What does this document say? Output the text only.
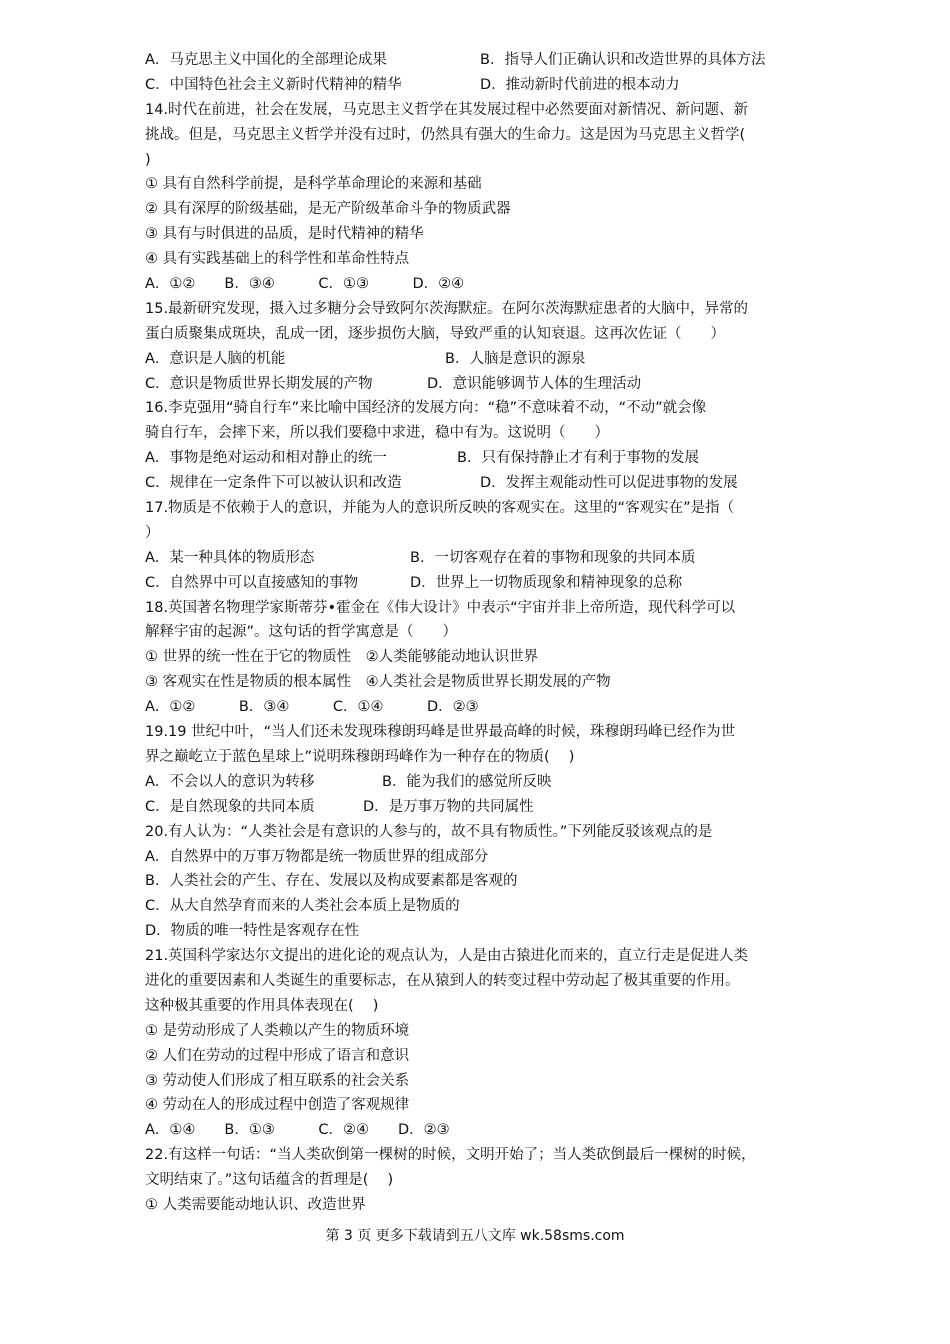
A．马克思主义中国化的全部理论成果	B．指导人们正确认识和改造世界的具体方法
C．中国特色社会主义新时代精神的精华	D．推动新时代前进的根本动力
14.时代在前进，社会在发展，马克思主义哲学在其发展过程中必然要面对新情况、新问题、新
挑战。但是，马克思主义哲学并没有过时，仍然具有强大的生命力。这是因为马克思主义哲学(
)
① 具有自然科学前提，是科学革命理论的来源和基础
② 具有深厚的阶级基础，是无产阶级革命斗争的物质武器
③ 具有与时俱进的品质，是时代精神的精华
④ 具有实践基础上的科学性和革命性特点
A．①②　　B．③④　　　C．①③　　　D．②④
15.最新研究发现，摄入过多糖分会导致阿尔茨海默症。在阿尔茨海默症患者的大脑中，异常的
蛋白质聚集成斑块，乱成一团，逐步损伤大脑，导致严重的认知衰退。这再次佐证（　　）
A．意识是人脑的机能	B．人脑是意识的源泉
C．意识是物质世界长期发展的产物	D．意识能够调节人体的生理活动
16.李克强用“骑自行车”来比喻中国经济的发展方向：“稳”不意味着不动，“不动”就会像
骑自行车，会摔下来，所以我们要稳中求进，稳中有为。这说明（　　）
A．事物是绝对运动和相对静止的统一	B．只有保持静止才有利于事物的发展
C．规律在一定条件下可以被认识和改造	D．发挥主观能动性可以促进事物的发展
17.物质是不依赖于人的意识，并能为人的意识所反映的客观实在。这里的“客观实在”是指（
）
A．某一种具体的物质形态	B．一切客观存在着的事物和现象的共同本质
C．自然界中可以直接感知的事物	D．世界上一切物质现象和精神现象的总称
18.英国著名物理学家斯蒂芬•霍金在《伟大设计》中表示“宇宙并非上帝所造，现代科学可以
解释宇宙的起源”。这句话的哲学寓意是（　　）
① 世界的统一性在于它的物质性　②人类能够能动地认识世界
③ 客观实在性是物质的根本属性　④人类社会是物质世界长期发展的产物
A．①②　　　B．③④　　　C．①④　　　D．②③
19.19 世纪中叶，“当人们还未发现珠穆朗玛峰是世界最高峰的时候，珠穆朗玛峰已经作为世
界之巅屹立于蓝色星球上”说明珠穆朗玛峰作为一种存在的物质(　 )
A．不会以人的意识为转移	B．能为我们的感觉所反映
C．是自然现象的共同本质	D．是万事万物的共同属性
20.有人认为：“人类社会是有意识的人参与的，故不具有物质性。”下列能反驳该观点的是
A．自然界中的万事万物都是统一物质世界的组成部分
B．人类社会的产生、存在、发展以及构成要素都是客观的
C．从大自然孕育而来的人类社会本质上是物质的
D．物质的唯一特性是客观存在性
21.英国科学家达尔文提出的进化论的观点认为，人是由古猿进化而来的，直立行走是促进人类
进化的重要因素和人类诞生的重要标志，在从猿到人的转变过程中劳动起了极其重要的作用。
这种极其重要的作用具体表现在(　 )
① 是劳动形成了人类赖以产生的物质环境
② 人们在劳动的过程中形成了语言和意识
③ 劳动使人们形成了相互联系的社会关系
④ 劳动在人的形成过程中创造了客观规律
A．①④　　B．①③　　　C．②④　　D．②③
22.有这样一句话：“当人类砍倒第一棵树的时候，文明开始了；当人类砍倒最后一棵树的时候，
文明结束了。”这句话蕴含的哲理是(　 )
① 人类需要能动地认识、改造世界
第 3 页 更多下载请到五八文库 wk.58sms.com
